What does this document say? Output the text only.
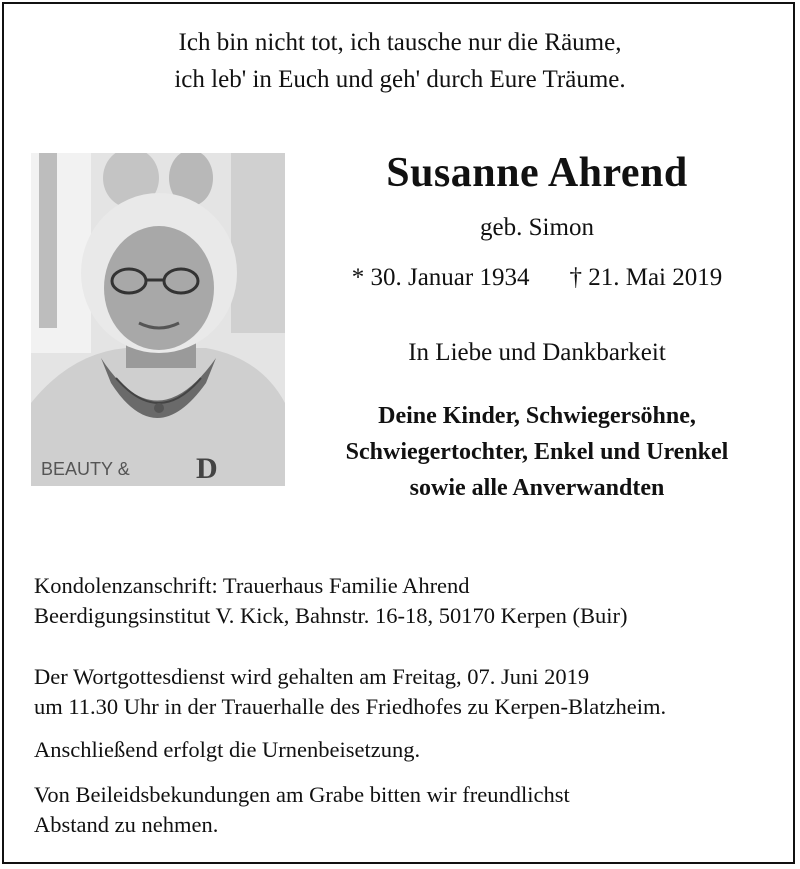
Ich bin nicht tot, ich tausche nur die Räume,
ich leb' in Euch und geh' durch Eure Träume.
BEAUTY & D
Susanne Ahrend
geb. Simon
* 30. Januar 1934 † 21. Mai 2019
In Liebe und Dankbarkeit
Deine Kinder, Schwiegersöhne,
Schwiegertochter, Enkel und Urenkel
sowie alle Anverwandten
Kondolenzanschrift: Trauerhaus Familie Ahrend
Beerdigungsinstitut V. Kick, Bahnstr. 16-18, 50170 Kerpen (Buir)
Der Wortgottesdienst wird gehalten am Freitag, 07. Juni 2019
um 11.30 Uhr in der Trauerhalle des Friedhofes zu Kerpen-Blatzheim.
Anschließend erfolgt die Urnenbeisetzung.
Von Beileidsbekundungen am Grabe bitten wir freundlichst
Abstand zu nehmen.
